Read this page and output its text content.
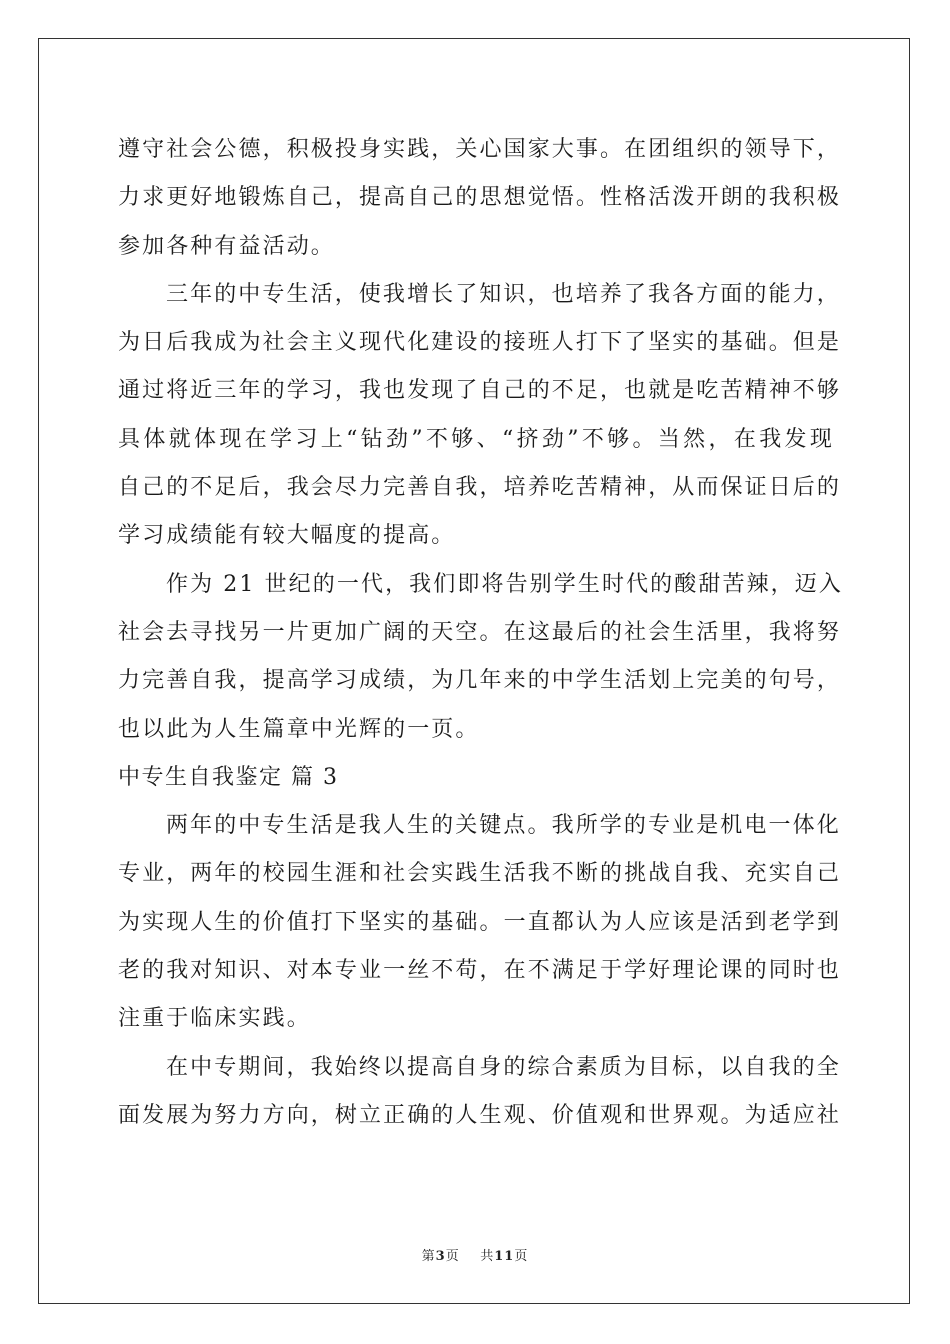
遵守社会公德，积极投身实践，关心国家大事。在团组织的领导下，
力求更好地锻炼自己，提高自己的思想觉悟。性格活泼开朗的我积极
参加各种有益活动。
三年的中专生活，使我增长了知识，也培养了我各方面的能力，
为日后我成为社会主义现代化建设的接班人打下了坚实的基础。但是
通过将近三年的学习，我也发现了自己的不足，也就是吃苦精神不够
具体就体现在学习上“钻劲”不够、“挤劲”不够。当然，在我发现
自己的不足后，我会尽力完善自我，培养吃苦精神，从而保证日后的
学习成绩能有较大幅度的提高。
作为 21 世纪的一代，我们即将告别学生时代的酸甜苦辣，迈入
社会去寻找另一片更加广阔的天空。在这最后的社会生活里，我将努
力完善自我，提高学习成绩，为几年来的中学生活划上完美的句号，
也以此为人生篇章中光辉的一页。
中专生自我鉴定 篇 3
两年的中专生活是我人生的关键点。我所学的专业是机电一体化
专业，两年的校园生涯和社会实践生活我不断的挑战自我、充实自己
为实现人生的价值打下坚实的基础。一直都认为人应该是活到老学到
老的我对知识、对本专业一丝不苟，在不满足于学好理论课的同时也
注重于临床实践。
在中专期间，我始终以提高自身的综合素质为目标，以自我的全
面发展为努力方向，树立正确的人生观、价值观和世界观。为适应社
第3页 共11页
